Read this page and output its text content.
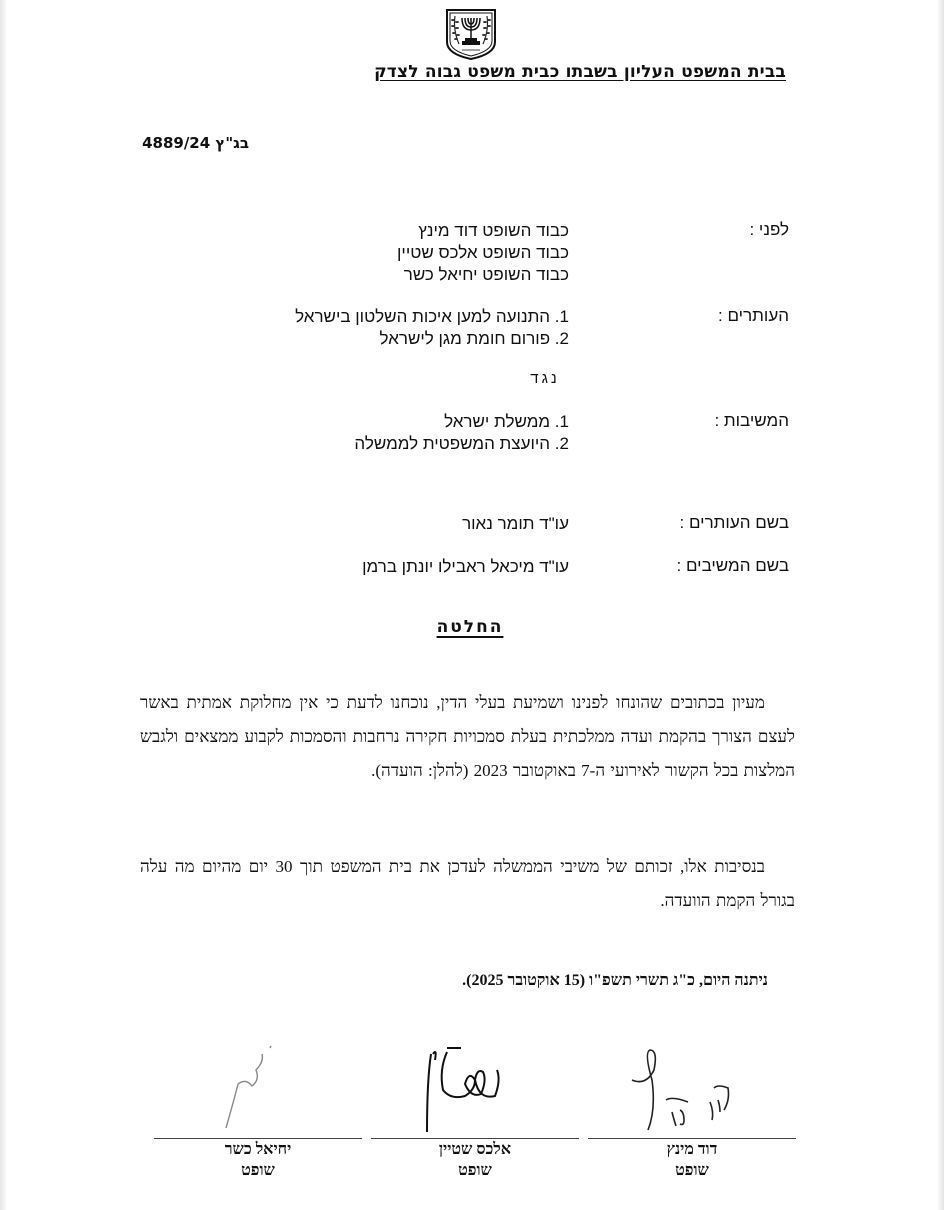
בבית המשפט העליון בשבתו כבית משפט גבוה לצדק
בג"ץ 4889/24
לפני :
כבוד השופט דוד מינץ
כבוד השופט אלכס שטיין
כבוד השופט יחיאל כשר
העותרים :
1. התנועה למען איכות השלטון בישראל
2. פורום חומת מגן לישראל
נגד
המשיבות :
1. ממשלת ישראל
2. היועצת המשפטית לממשלה
בשם העותרים :
עו"ד תומר נאור
בשם המשיבים :
עו"ד מיכאל ראבילו יונתן ברמן
החלטה

מעיון בכתובים שהונחו לפנינו ושמיעת בעלי הדין, נוכחנו לדעת כי אין מחלוקת אמתית באשר לעצם הצורך בהקמת ועדה ממלכתית בעלת סמכויות חקירה נרחבות והסמכות לקבוע ממצאים ולגבש המלצות בכל הקשור לאירועי ה-7 באוקטובר 2023 (להלן: הועדה).

בנסיבות אלו, זכותם של משיבי הממשלה לעדכן את בית המשפט תוך 30 יום מהיום מה עלה בגורל הקמת הוועדה.

ניתנה היום, כ"ג תשרי תשפ"ו (15 אוקטובר 2025).
דוד מינץ
שופט
אלכס שטיין
שופט
יחיאל כשר
שופט
